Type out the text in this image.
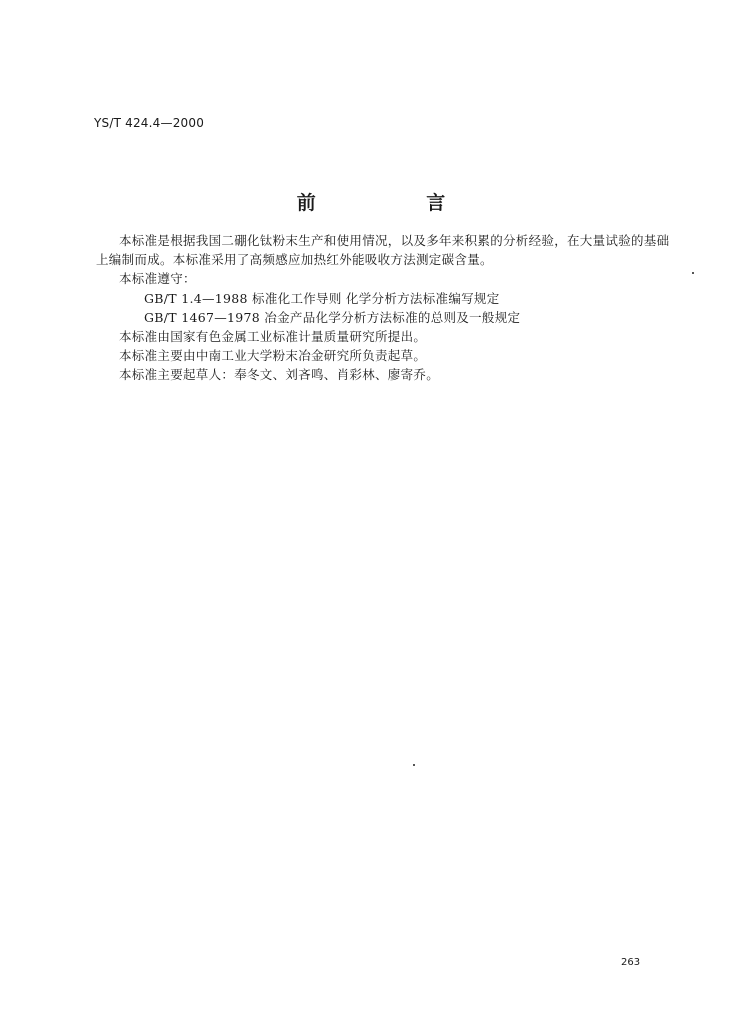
YS/T 424.4—2000
前 言
本标准是根据我国二硼化钛粉末生产和使用情况，以及多年来积累的分析经验，在大量试验的基础
上编制而成。本标准采用了高频感应加热红外能吸收方法测定碳含量。
本标准遵守：
GB/T 1.4—1988 标准化工作导则 化学分析方法标准编写规定
GB/T 1467—1978 冶金产品化学分析方法标准的总则及一般规定
本标准由国家有色金属工业标准计量质量研究所提出。
本标准主要由中南工业大学粉末冶金研究所负责起草。
本标准主要起草人：奉冬文、刘吝鸣、肖彩林、廖寄乔。
263
